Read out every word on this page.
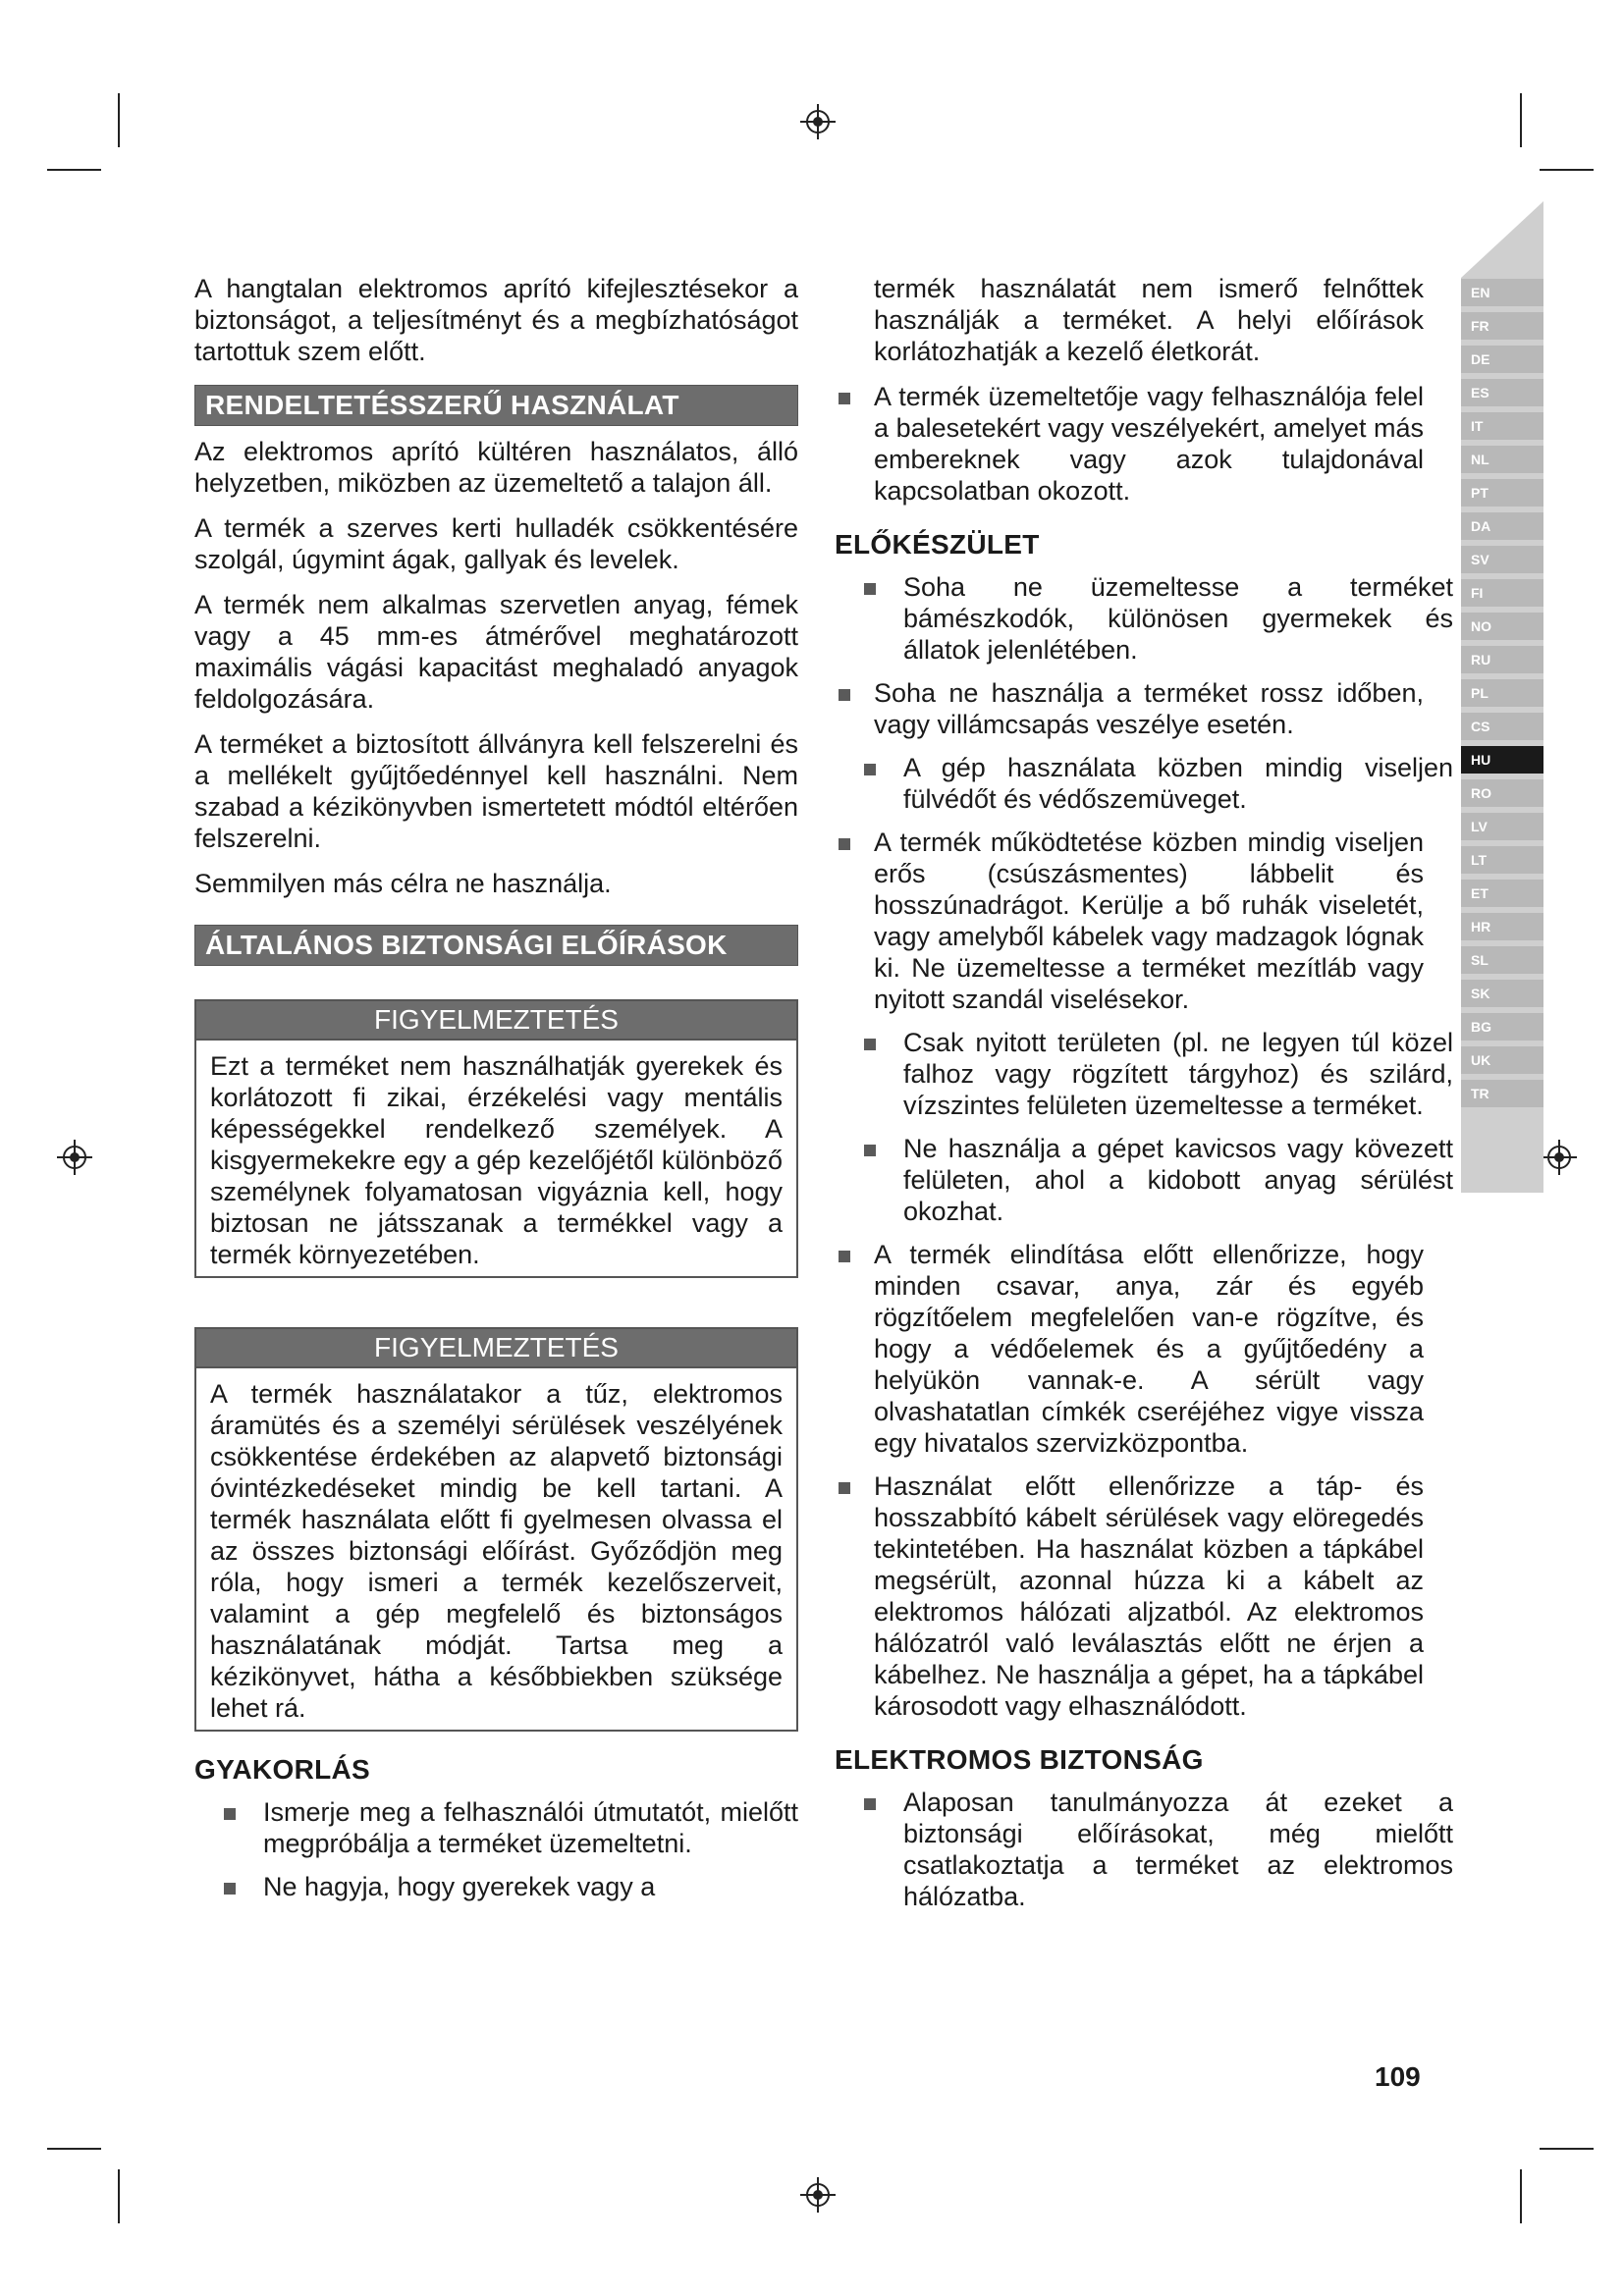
EN
FR
DE
ES
IT
NL
PT
DA
SV
FI
NO
RU
PL
CS
HU
RO
LV
LT
ET
HR
SL
SK
BG
UK
TR

A hangtalan elektromos aprító kifejlesztésekor a biztonságot, a teljesítményt és a megbízhatóságot tartottuk szem előtt.

RENDELTETÉSSZERŰ HASZNÁLAT

Az elektromos aprító kültéren használatos, álló helyzetben, miközben az üzemeltető a talajon áll.

A termék a szerves kerti hulladék csökkentésére szolgál, úgymint ágak, gallyak és levelek.

A termék nem alkalmas szervetlen anyag, fémek vagy a 45 mm-es átmérővel meghatározott maximális vágási kapacitást meghaladó anyagok feldolgozására.

A terméket a biztosított állványra kell felszerelni és a mellékelt gyűjtőedénnyel kell használni. Nem szabad a kézikönyvben ismertetett módtól eltérően felszerelni.

Semmilyen más célra ne használja.

ÁLTALÁNOS BIZTONSÁGI ELŐÍRÁSOK
FIGYELMEZTETÉS

Ezt a terméket nem használhatják gyerekek és korlátozott fi zikai, érzékelési vagy mentális képességekkel rendelkező személyek. A kisgyermekekre egy a gép kezelőjétől különböző személynek folyamatosan vigyáznia kell, hogy biztosan ne játsszanak a termékkel vagy a termék környezetében.

FIGYELMEZTETÉS

A termék használatakor a tűz, elektromos áramütés és a személyi sérülések veszélyének csökkentése érdekében az alapvető biztonsági óvintézkedéseket mindig be kell tartani. A termék használata előtt fi gyelmesen olvassa el az összes biztonsági előírást. Győződjön meg róla, hogy ismeri a termék kezelőszerveit, valamint a gép megfelelő és biztonságos használatának módját. Tartsa meg a kézikönyvet, hátha a későbbiekben szüksége lehet rá.

GYAKORLÁS
Ismerje meg a felhasználói útmutatót, mielőtt megpróbálja a terméket üzemeltetni.
Ne hagyja, hogy gyerekek vagy a

termék használatát nem ismerő felnőttek használják a terméket. A helyi előírások korlátozhatják a kezelő életkorát.

A termék üzemeltetője vagy felhasználója felel a balesetekért vagy veszélyekért, amelyet más embereknek vagy azok tulajdonával kapcsolatban okozott.
ELŐKÉSZÜLET
Soha ne üzemeltesse a terméket bámészkodók, különösen gyermekek és állatok jelenlétében.
Soha ne használja a terméket rossz időben, vagy villámcsapás veszélye esetén.
A gép használata közben mindig viseljen fülvédőt és védőszemüveget.
A termék működtetése közben mindig viseljen erős (csúszásmentes) lábbelit és hosszúnadrágot. Kerülje a bő ruhák viseletét, vagy amelyből kábelek vagy madzagok lógnak ki. Ne üzemeltesse a terméket mezítláb vagy nyitott szandál viselésekor.
Csak nyitott területen (pl. ne legyen túl közel falhoz vagy rögzített tárgyhoz) és szilárd, vízszintes felületen üzemeltesse a terméket.
Ne használja a gépet kavicsos vagy kövezett felületen, ahol a kidobott anyag sérülést okozhat.
A termék elindítása előtt ellenőrizze, hogy minden csavar, anya, zár és egyéb rögzítőelem megfelelően van-e rögzítve, és hogy a védőelemek és a gyűjtőedény a helyükön vannak-e. A sérült vagy olvashatatlan címkék cseréjéhez vigye vissza egy hivatalos szervizközpontba.
Használat előtt ellenőrizze a táp- és hosszabbító kábelt sérülések vagy elöregedés tekintetében. Ha használat közben a tápkábel megsérült, azonnal húzza ki a kábelt az elektromos hálózati aljzatból. Az elektromos hálózatról való leválasztás előtt ne érjen a kábelhez. Ne használja a gépet, ha a tápkábel károsodott vagy elhasználódott.
ELEKTROMOS BIZTONSÁG
Alaposan tanulmányozza át ezeket a biztonsági előírásokat, még mielőtt csatlakoztatja a terméket az elektromos hálózatba.
109
